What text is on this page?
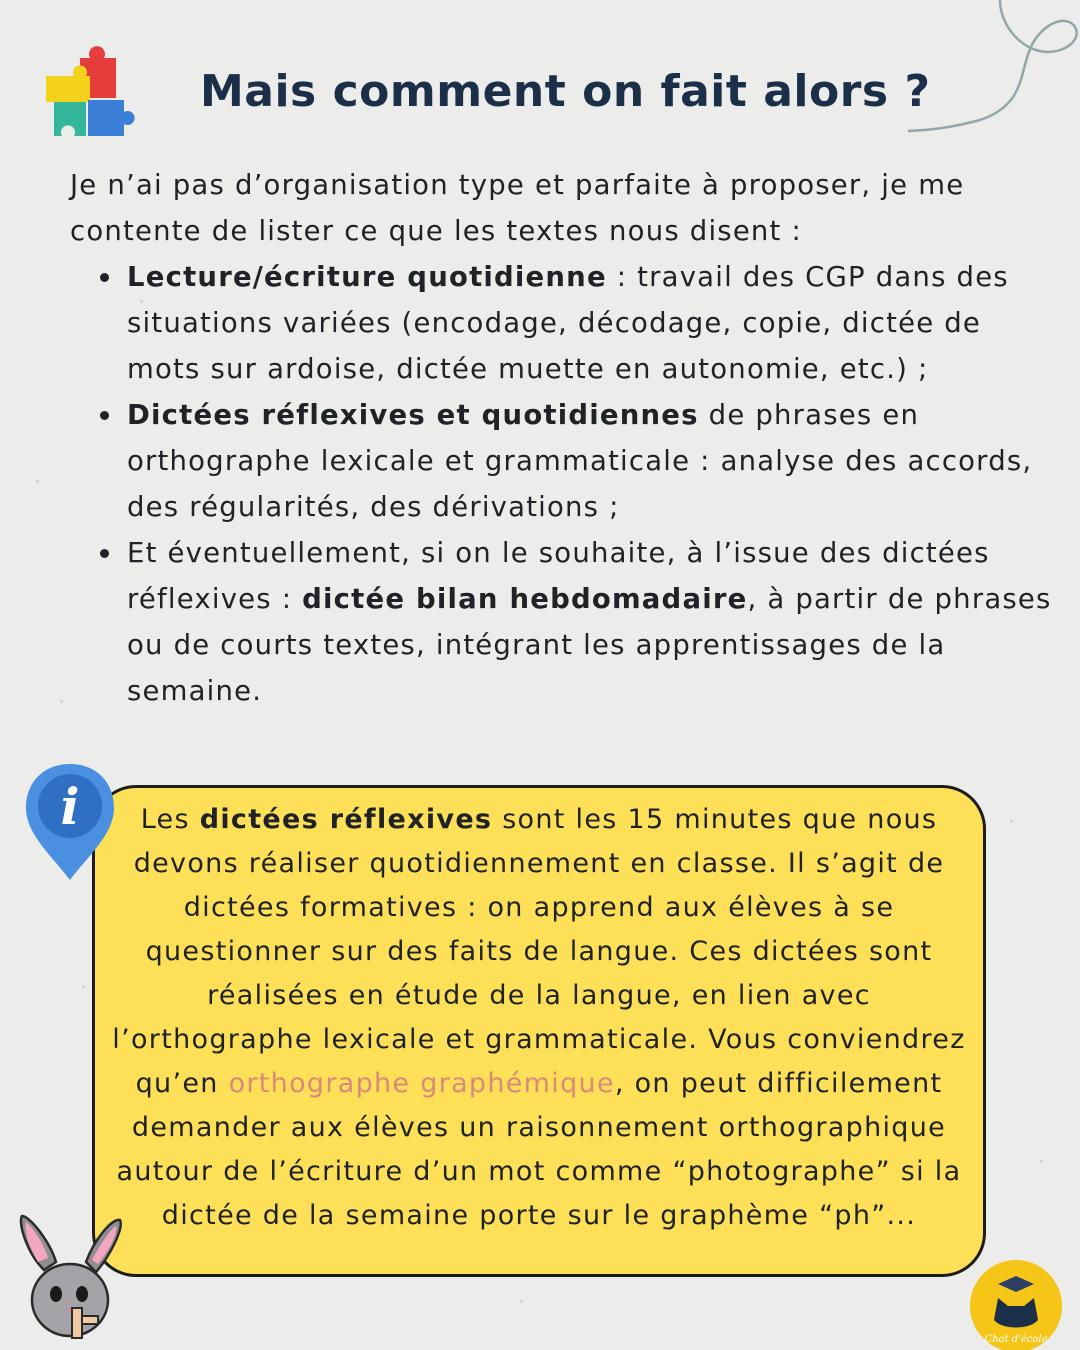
Mais comment on fait alors ?

Je n’ai pas d’organisation type et parfaite à proposer, je me contente de lister ce que les textes nous disent :

Lecture/écriture quotidienne : travail des CGP dans des situations variées (encodage, décodage, copie, dictée de mots sur ardoise, dictée muette en autonomie, etc.) ;
Dictées réflexives et quotidiennes de phrases en orthographe lexicale et grammaticale : analyse des accords, des régularités, des dérivations ;
Et éventuellement, si on le souhaite, à l’issue des dictées réflexives : dictée bilan hebdomadaire, à partir de phrases ou de courts textes, intégrant les apprentissages de la semaine.

Les dictées réflexives sont les 15 minutes que nous devons réaliser quotidiennement en classe. Il s’agit de dictées formatives : on apprend aux élèves à se questionner sur des faits de langue. Ces dictées sont réalisées en étude de la langue, en lien avec l’orthographe lexicale et grammaticale. Vous conviendrez qu’en orthographe graphémique, on peut difficilement demander aux élèves un raisonnement orthographique autour de l’écriture d’un mot comme “photographe” si la dictée de la semaine porte sur le graphème “ph”...

i
Chat d'école
